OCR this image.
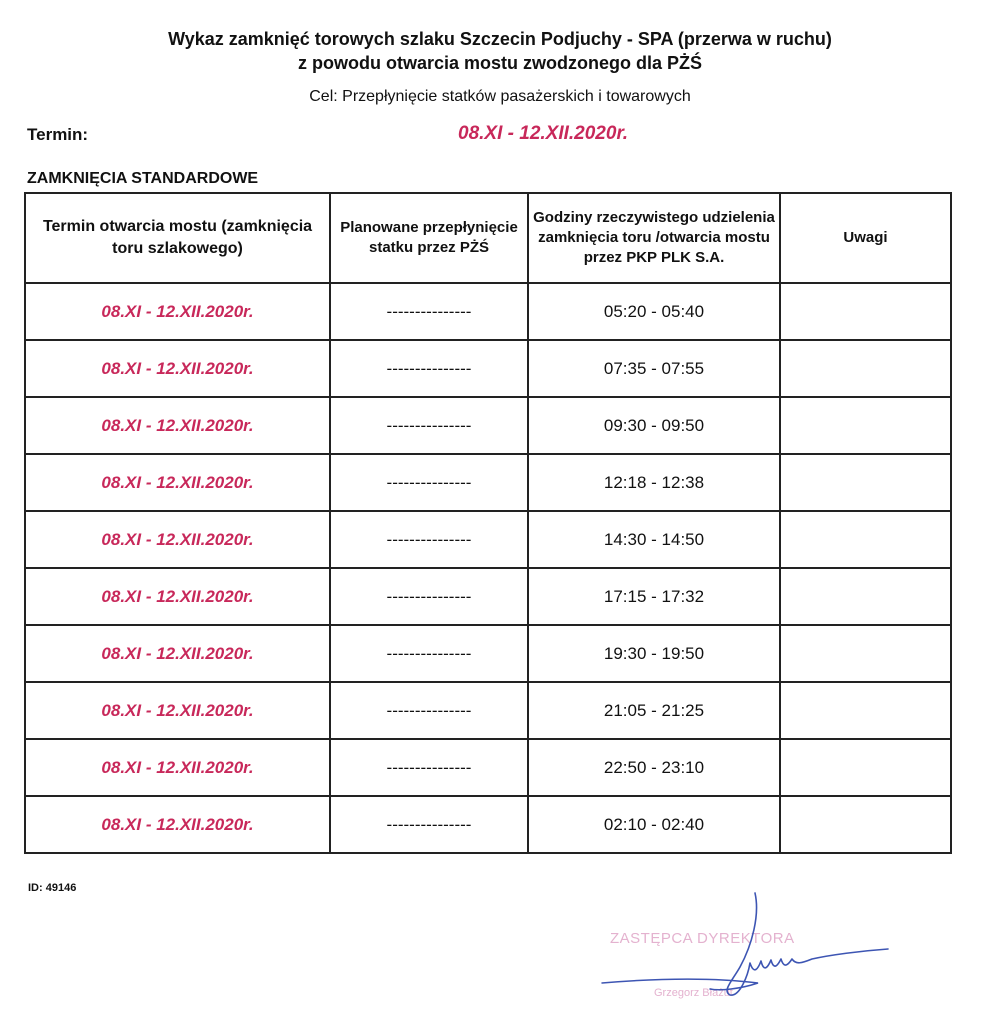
Wykaz zamknięć torowych szlaku Szczecin Podjuchy - SPA (przerwa w ruchu)
z powodu otwarcia mostu zwodzonego dla PŻŚ
Cel: Przepłynięcie statków pasażerskich i towarowych
Termin:	08.XI - 12.XII.2020r.
ZAMKNIĘCIA STANDARDOWE
Termin otwarcia mostu (zamknięcia toru szlakowego)	Planowane przepłynięcie statku przez PŻŚ	Godziny rzeczywistego udzielenia zamknięcia toru /otwarcia mostu przez PKP PLK S.A.	Uwagi
08.XI - 12.XII.2020r.	---------------	05:20 - 05:40	
08.XI - 12.XII.2020r.	---------------	07:35 - 07:55	
08.XI - 12.XII.2020r.	---------------	09:30 - 09:50	
08.XI - 12.XII.2020r.	---------------	12:18 - 12:38	
08.XI - 12.XII.2020r.	---------------	14:30 - 14:50	
08.XI - 12.XII.2020r.	---------------	17:15 - 17:32	
08.XI - 12.XII.2020r.	---------------	19:30 - 19:50	
08.XI - 12.XII.2020r.	---------------	21:05 - 21:25	
08.XI - 12.XII.2020r.	---------------	22:50 - 23:10	
08.XI - 12.XII.2020r.	---------------	02:10 - 02:40	
ID: 49146
ZASTĘPCA DYREKTORA
Grzegorz Błażut
